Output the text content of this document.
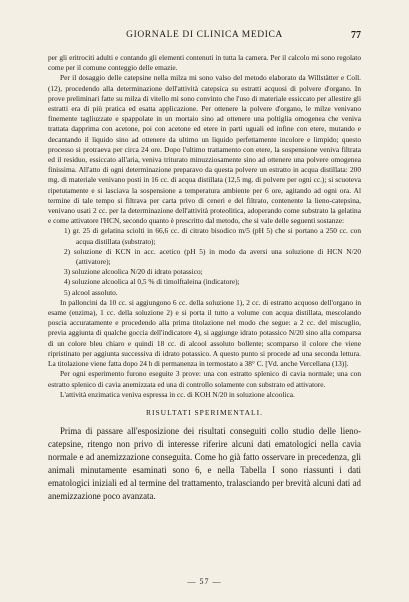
GIORNALE DI CLINICA MEDICA	77

per gli eritrociti adulti e contando gli elementi contenuti in tutta la camera. Per il calcolo mi sono regolato come per il comune conteggio delle emazie.

Per il dosaggio delle catepsine nella milza mi sono valso del metodo elaborato da Willstätter e Coll. (12), procedendo alla determinazione dell'attività catepsica su estratti acquosi di polvere d'organo. In prove preliminari fatte su milza di vitello mi sono convinto che l'uso di materiale essiccato per allestire gli estratti era di più pratica ed esatta applicazione. Per ottenere la polvere d'organo, le milze venivano finemente tagliuzzate e spappolate in un mortaio sino ad ottenere una poltiglia omogenea che veniva trattata dapprima con acetone, poi con acetone ed etere in parti uguali ed infine con etere, mutando e decantando il liquido sino ad ottenere da ultimo un liquido perfettamente incolore e limpido; questo processo si protraeva per circa 24 ore. Dopo l'ultimo trattamento con etere, la sospensione veniva filtrata ed il residuo, essiccato all'aria, veniva triturato minuzziosamente sino ad ottenere una polvere omogenea finissima. All'atto di ogni determinazione preparavo da questa polvere un estratto in acqua distillata: 200 mg. di materiale venivano posti in 16 cc. di acqua distillata (12,5 mg. di polvere per ogni cc.); si scuoteva ripetutamente e si lasciava la sospensione a temperatura ambiente per 6 ore, agitando ad ogni ora. Al termine di tale tempo si filtrava per carta privo di ceneri e del filtrato, contenente la lieno-catepsina, venivano usati 2 cc. per la determinazione dell'attività proteolitica, adoperando come substrato la gelatina e come attivatore l'HCN, secondo quanto è prescritto dal metodo, che si vale delle seguenti sostanze:

1) gr. 25 di gelatina sciolti in 66,6 cc. di citrato bisodico m/5 (pH 5) che si portano a 250 cc. con acqua distillata (substrato);

2) soluzione di KCN in acc. acetico (pH 5) in modo da aversi una soluzione di HCN N/20 (attivatore);

3) soluzione alcoolica N/20 di idrato potassico;

4) soluzione alcoolica al 0,5 % di timolftaleina (indicatore);

5) alcool assoluto.

In palloncini da 10 cc. si aggiungono 6 cc. della soluzione 1), 2 cc. di estratto acquoso dell'organo in esame (enzima), 1 cc. della soluzione 2) e si porta il tutto a volume con acqua distillata, mescolando poscia accuratamente e procedendo alla prima titolazione nel modo che segue: a 2 cc. del miscuglio, previa aggiunta di qualche goccia dell'indicatore 4), si aggiunge idrato potassico N/20 sino alla comparsa di un colore bleu chiaro e quindi 18 cc. di alcool assoluto bollente; scomparso il colore che viene ripristinato per aggiunta successiva di idrato potassico. A questo punto si procede ad una seconda lettura. La titolazione viene fatta dopo 24 h di permanenza in termostato a 38° C. [Vd. anche Vercellana (13)].

Per ogni esperimento furono eseguite 3 prove: una con estratto splenico di cavia normale; una con estratto splenico di cavia anemizzata ed una di controllo solamente con substrato ed attivatore.

L'attività enzimatica veniva espressa in cc. di KOH N/20 in soluzione alcoolica.

RISULTATI SPERIMENTALI.

Prima di passare all'esposizione dei risultati conseguiti collo studio delle lieno-catepsine, ritengo non privo di interesse riferire alcuni dati ematologici nella cavia normale e ad anemizzazione conseguita. Come ho già fatto osservare in precedenza, gli animali minutamente esaminati sono 6, e nella Tabella I sono riassunti i dati ematologici iniziali ed al termine del trattamento, tralasciando per brevità alcuni dati ad anemizzazione poco avanzata.

— 57 —
